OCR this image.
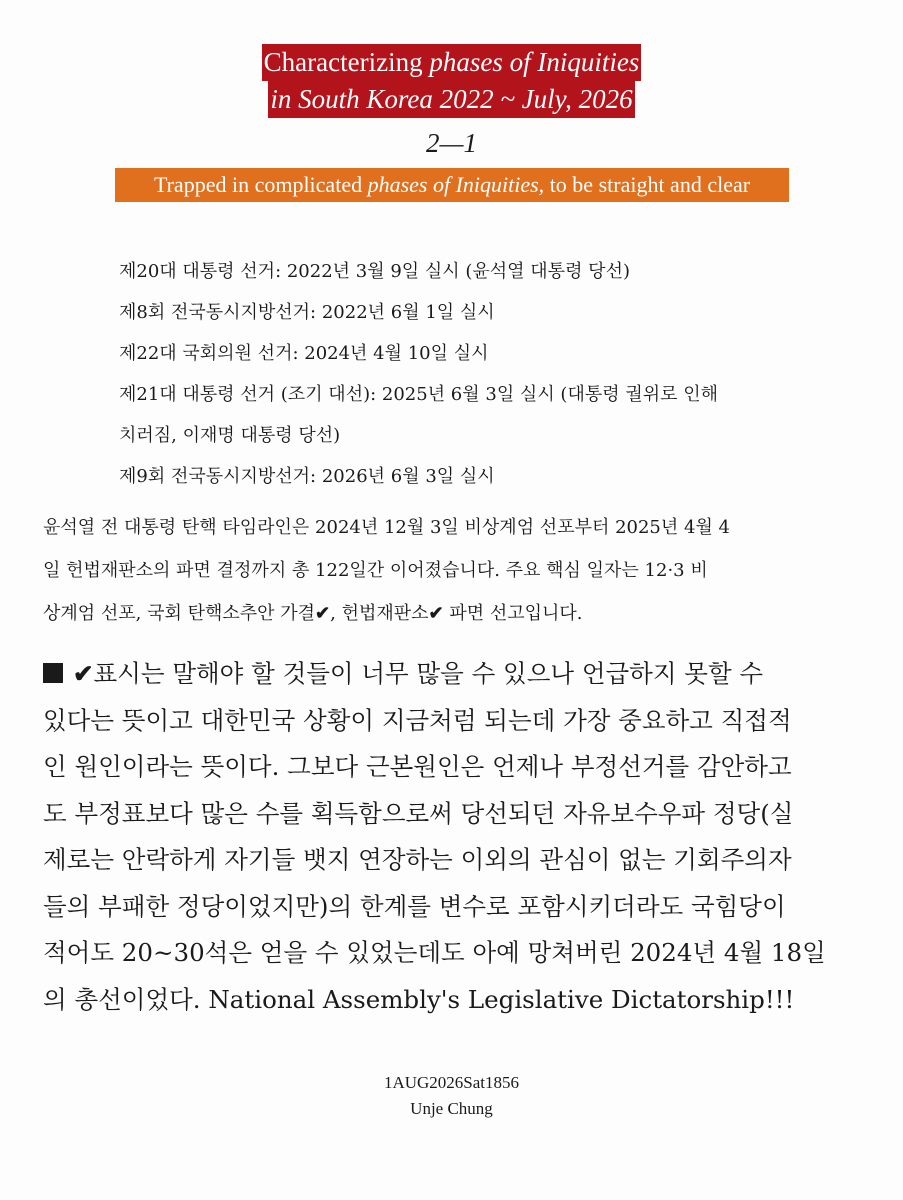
Characterizing phases of Iniquities
in South Korea 2022 ~ July, 2026
2—1
Trapped in complicated phases of Iniquities, to be straight and clear
제20대 대통령 선거: 2022년 3월 9일 실시 (윤석열 대통령 당선)
제8회 전국동시지방선거: 2022년 6월 1일 실시
제22대 국회의원 선거: 2024년 4월 10일 실시
제21대 대통령 선거 (조기 대선): 2025년 6월 3일 실시 (대통령 궐위로 인해
치러짐, 이재명 대통령 당선)
제9회 전국동시지방선거: 2026년 6월 3일 실시
윤석열 전 대통령 탄핵 타임라인은 2024년 12월 3일 비상계엄 선포부터 2025년 4월 4
일 헌법재판소의 파면 결정까지 총 122일간 이어졌습니다. 주요 핵심 일자는 12·3 비
상계엄 선포, 국회 탄핵소추안 가결✔, 헌법재판소✔ 파면 선고입니다.
✔표시는 말해야 할 것들이 너무 많을 수 있으나 언급하지 못할 수
있다는 뜻이고 대한민국 상황이 지금처럼 되는데 가장 중요하고 직접적
인 원인이라는 뜻이다. 그보다 근본원인은 언제나 부정선거를 감안하고
도 부정표보다 많은 수를 획득함으로써 당선되던 자유보수우파 정당(실
제로는 안락하게 자기들 뱃지 연장하는 이외의 관심이 없는 기회주의자
들의 부패한 정당이었지만)의 한계를 변수로 포함시키더라도 국힘당이
적어도 20~30석은 얻을 수 있었는데도 아예 망쳐버린 2024년 4월 18일
의 총선이었다. National Assembly's Legislative Dictatorship!!!
1AUG2026Sat1856
Unje Chung
